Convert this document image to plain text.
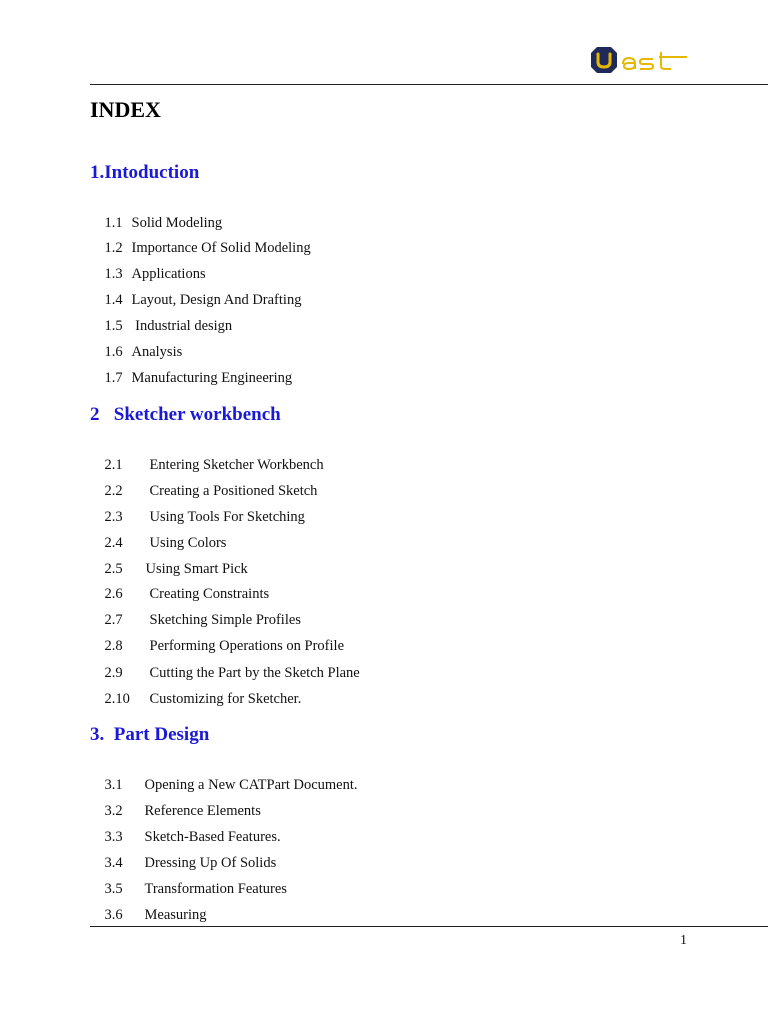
INDEX
1.Intoduction

1.1 Solid Modeling

1.2 Importance Of Solid Modeling

1.3 Applications

1.4 Layout, Design And Drafting

1.5 Industrial design

1.6 Analysis

1.7 Manufacturing Engineering

2   Sketcher workbench

2.1 Entering Sketcher Workbench

2.2 Creating a Positioned Sketch

2.3 Using Tools For Sketching

2.4 Using Colors

2.5 Using Smart Pick

2.6 Creating Constraints

2.7 Sketching Simple Profiles

2.8 Performing Operations on Profile

2.9 Cutting the Part by the Sketch Plane

2.10 Customizing for Sketcher.

3.  Part Design

3.1 Opening a New CATPart Document.

3.2 Reference Elements

3.3 Sketch-Based Features.

3.4 Dressing Up Of Solids

3.5 Transformation Features

3.6 Measuring

1
